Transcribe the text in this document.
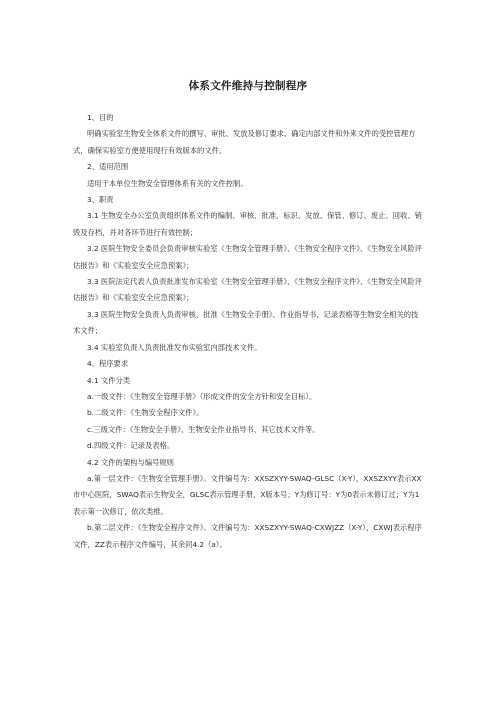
体系文件维持与控制程序

1、目的

明确实验室生物安全体系文件的撰写、审批、发放及修订要求、确定内部文件和外来文件的受控管理方式，确保实验室方便使用现行有效版本的文件。

2、适用范围

适用于本单位生物安全管理体系有关的文件控制。

3、职责

3.1 生物安全办公室负责组织体系文件的编制、审核、批准、标识、发放、保管、修订、废止、回收、销毁及存档，并对各环节进行有效控制；

3.2 医院生物安全委员会负责审核实验室《生物安全管理手册》、《生物安全程序文件》、《生物安全风险评估报告》和《实验室安全应急预案》；

3.3 医院法定代表人负责批准发布实验室《生物安全管理手册》、《生物安全程序文件》、《生物安全风险评估报告》和《实验室安全应急预案》；

3.3 医院生物安全负责人负责审核、批准《生物安全手册》、作业指导书、记录表格等生物安全相关的技术文件；

3.4 实验室负责人负责批准发布实验室内部技术文件。

4、程序要求

4.1 文件分类

a.一级文件：《生物安全管理手册》（形成文件的安全方针和安全目标）。

b.二级文件：《生物安全程序文件》。

c.三级文件：《生物安全手册》、生物安全作业指导书、其它技术文件等。

d.四级文件：记录及表格。

4.2 文件的架构与编号规则

a.第一层文件：《生物安全管理手册》。文件编号为：XXSZXYY-SWAQ-GLSC（X-Y），XXSZXYY表示XX市中心医院，SWAQ表示生物安全，GLSC表示管理手册，X版本号；Y为修订号：Y为0表示未修订过；Y为1表示第一次修订，依次类推。

b.第二层文件：《生物安全程序文件》。文件编号为：XXSZXYY-SWAQ-CXWJZZ（X-Y），CXWJ表示程序文件，ZZ表示程序文件编号，其余同4.2（a）。
